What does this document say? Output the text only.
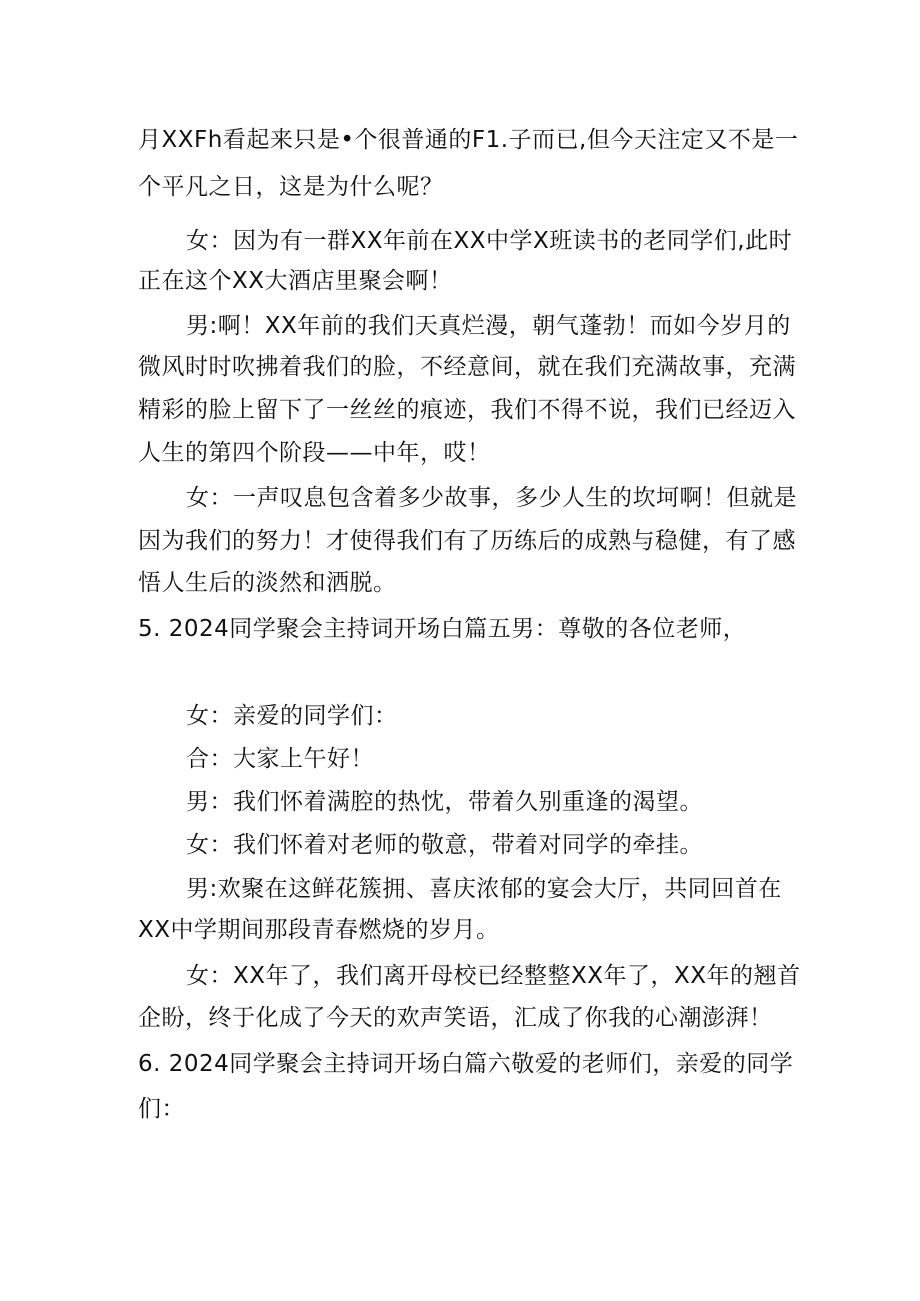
月XXFh看起来只是•个很普通的F1.子而已,但今天注定又不是一
个平凡之日，这是为什么呢？
女：因为有一群XX年前在XX中学X班读书的老同学们,此时
正在这个XX大酒店里聚会啊！
男:啊！XX年前的我们天真烂漫，朝气蓬勃！而如今岁月的
微风时时吹拂着我们的脸，不经意间，就在我们充满故事，充满
精彩的脸上留下了一丝丝的痕迹，我们不得不说，我们已经迈入
人生的第四个阶段——中年，哎！
女：一声叹息包含着多少故事，多少人生的坎坷啊！但就是
因为我们的努力！才使得我们有了历练后的成熟与稳健，有了感
悟人生后的淡然和洒脱。
5. 2024同学聚会主持词开场白篇五男：尊敬的各位老师，
女：亲爱的同学们：
合：大家上午好！
男：我们怀着满腔的热忱，带着久别重逢的渴望。
女：我们怀着对老师的敬意，带着对同学的牵挂。
男:欢聚在这鲜花簇拥、喜庆浓郁的宴会大厅，共同回首在
XX中学期间那段青春燃烧的岁月。
女：XX年了，我们离开母校已经整整XX年了，XX年的翘首
企盼，终于化成了今天的欢声笑语，汇成了你我的心潮澎湃！
6. 2024同学聚会主持词开场白篇六敬爱的老师们，亲爱的同学
们：
